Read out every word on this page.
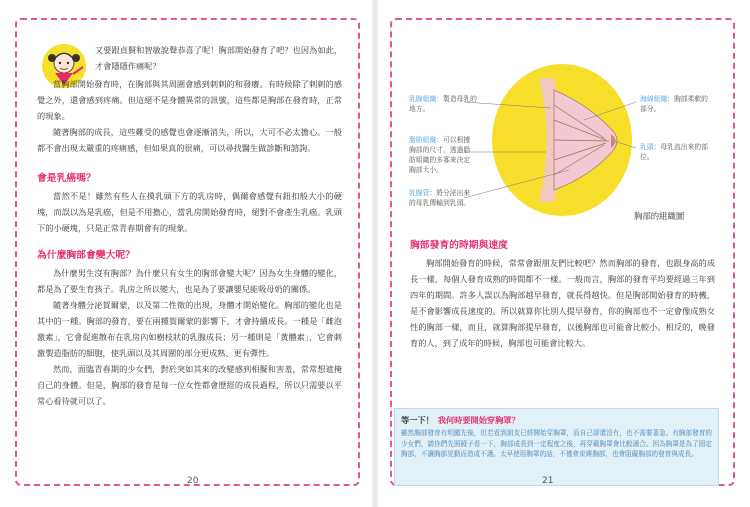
又要跟貞賢和智敏說聲恭喜了呢！胸部開始發育了吧？也因為如此，才會隱隱作痛呢？

當胸部開始發育時，在胸部與其周圍會感到刺刺的和發癢。有時候除了刺刺的感覺之外，還會感到疼痛。但這絕不是身體異常的訊號，這些都是胸部在發育時，正常的現象。

隨著胸部的成長，這些難受的感覺也會逐漸消失，所以，大可不必太擔心。一般都不會出現太嚴重的疼痛感，但如果真的很痛，可以尋找醫生做診斷和諮詢。

會是乳癌嗎？

當然不是！雖然有些人在摸乳頭下方的乳房時，偶爾會感覺有鈕扣般大小的硬塊，而誤以為是乳癌，但是不用擔心，當乳房開始發育時，絕對不會產生乳癌。乳頭下的小硬塊，只是正常青春期會有的現象。

為什麼胸部會變大呢？

為什麼男生沒有胸部？為什麼只有女生的胸部會變大呢？因為女生身體的變化，都是為了要生育孩子。乳房之所以變大，也是為了要讓嬰兒能吸母奶的關係。

隨著身體分泌賀爾蒙，以及第二性徵的出現，身體才開始變化。胸部的變化也是其中的一種。胸部的發育，要在兩種賀爾蒙的影響下，才會持續成長。一種是「雌泡激素」，它會促進散布在乳房內如樹枝狀的乳腺成長；另一種則是「黃體素」，它會刺激製造脂肪的細胞，使乳頭以及其周圍的部分更成熟、更有彈性。

然而，面臨青春期的少女們，對於突如其來的改變感到相擬和害羞，常常想遮掩自己的身體。但是，胸部的發育是每一位女性都會歷經的成長過程，所以只需要以平常心看待就可以了。

20
乳腺組織：製造母乳的地方。
脂肪組織：可以根據胸部的尺寸，透過脂肪組織的多寡來決定胸部大小。
乳腺管：將分泌出來的母乳傳輸到乳頭。
海綿組織：胸部柔軟的部分。
乳頭：母乳流出來的部位。
胸部的組織圖
胸部發育的時期與速度

胸部開始發育的時候，常常會跟朋友們比較吧？然而胸部的發育，也跟身高的成長一樣，每個人發育成熟的時間都不一樣。一般而言，胸部的發育平均要經過三年到四年的期間。許多人誤以為胸部越早發育，就長得越快。但是胸部開始發育的時機，是不會影響成長速度的。所以就算你比別人提早發育，你的胸部也不一定會像成熟女性的胸部一樣，而且，就算胸部提早發育，以後胸部也可能會比較小。相反的，晚發育的人，到了成年的時候，胸部也可能會比較大。

等一下！ 我何時要開始穿胸罩？

雖然胸部發育有明顯先後，但若看到朋友已經開始穿胸罩，而自己卻還沒有，也不需要著急。有胸部發育的少女們，請你們先照鏡子看一下，胸部成長到一定程度之後，再穿戴胸罩會比較適合。因為胸罩是為了固定胸部，不讓胸部晃動而造成不適。太早使用胸罩的話，不僅會束縛胸部，也會阻礙胸部的發育與成長。

21
